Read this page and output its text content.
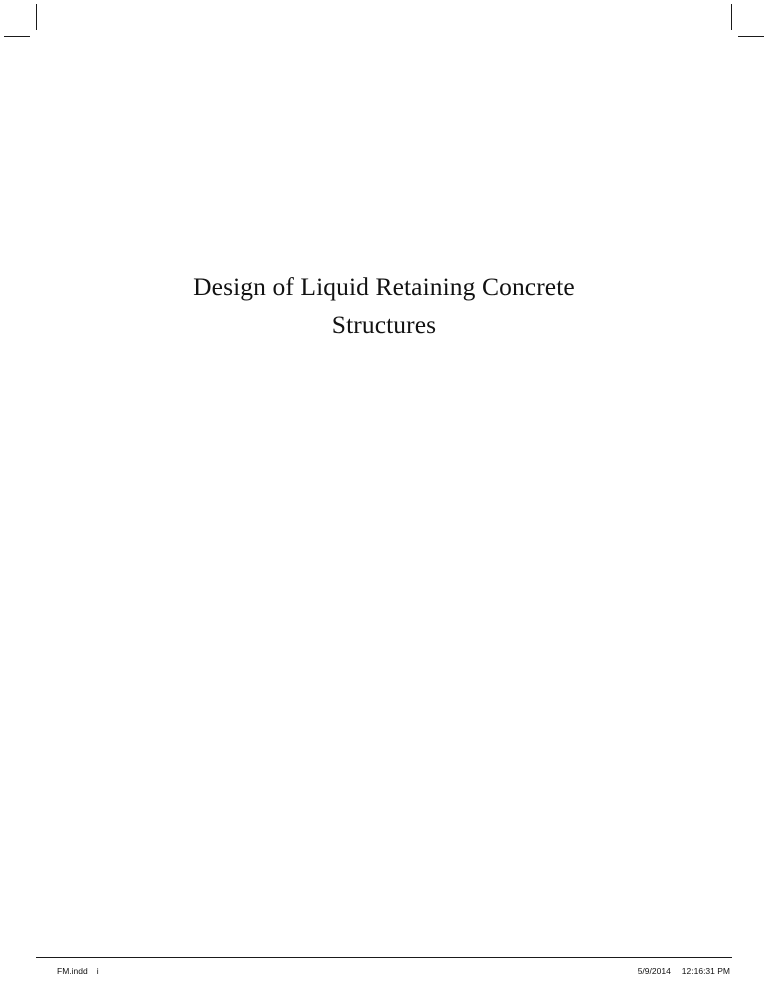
Design of Liquid Retaining Concrete
Structures
FM.indd i	5/9/2014 12:16:31 PM
